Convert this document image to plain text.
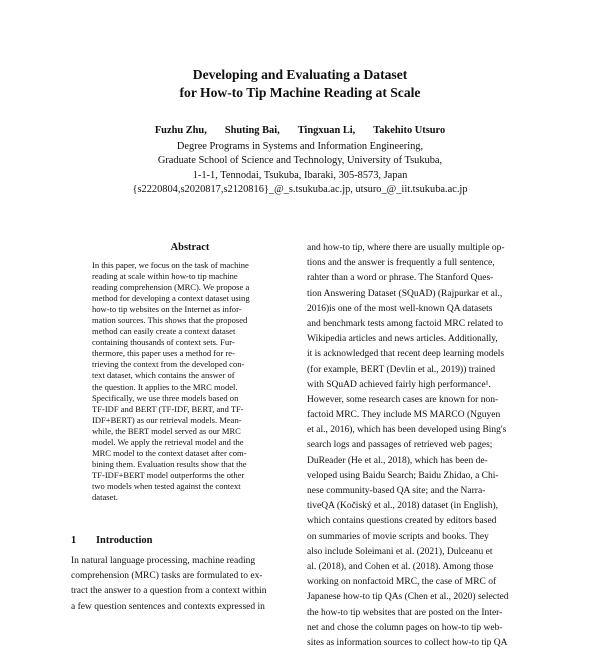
Developing and Evaluating a Dataset
for How-to Tip Machine Reading at Scale
Fuzhu Zhu, Shuting Bai, Tingxuan Li, Takehito Utsuro
Degree Programs in Systems and Information Engineering,
Graduate School of Science and Technology, University of Tsukuba,
1-1-1, Tennodai, Tsukuba, Ibaraki, 305-8573, Japan
{s2220804,s2020817,s2120816}_@_s.tsukuba.ac.jp, utsuro_@_iit.tsukuba.ac.jp
Abstract
In this paper, we focus on the task of machine
reading at scale within how-to tip machine
reading comprehension (MRC). We propose a
method for developing a context dataset using
how-to tip websites on the Internet as infor-
mation sources. This shows that the proposed
method can easily create a context dataset
containing thousands of context sets. Fur-
thermore, this paper uses a method for re-
trieving the context from the developed con-
text dataset, which contains the answer of
the question. It applies to the MRC model.
Specifically, we use three models based on
TF-IDF and BERT (TF-IDF, BERT, and TF-
IDF+BERT) as our retrieval models. Mean-
while, the BERT model served as our MRC
model. We apply the retrieval model and the
MRC model to the context dataset after com-
bining them. Evaluation results show that the
TF-IDF+BERT model outperforms the other
two models when tested against the context
dataset.
1 Introduction
In natural language processing, machine reading
comprehension (MRC) tasks are formulated to ex-
tract the answer to a question from a context within
a few question sentences and contexts expressed in
and how-to tip, where there are usually multiple op-
tions and the answer is frequently a full sentence,
rahter than a word or phrase. The Stanford Ques-
tion Answering Dataset (SQuAD) (Rajpurkar et al.,
2016)is one of the most well-known QA datasets
and benchmark tests among factoid MRC related to
Wikipedia articles and news articles. Additionally,
it is acknowledged that recent deep learning models
(for example, BERT (Devlin et al., 2019)) trained
with SQuAD achieved fairly high performance¹.
However, some research cases are known for non-
factoid MRC. They include MS MARCO (Nguyen
et al., 2016), which has been developed using Bing's
search logs and passages of retrieved web pages;
DuReader (He et al., 2018), which has been de-
veloped using Baidu Search; Baidu Zhidao, a Chi-
nese community-based QA site; and the Narra-
tiveQA (Kočiský et al., 2018) dataset (in English),
which contains questions created by editors based
on summaries of movie scripts and books. They
also include Soleimani et al. (2021), Dulceanu et
al. (2018), and Cohen et al. (2018). Among those
working on nonfactoid MRC, the case of MRC of
Japanese how-to tip QAs (Chen et al., 2020) selected
the how-to tip websites that are posted on the Inter-
net and chose the column pages on how-to tip web-
sites as information sources to collect how-to tip QA
